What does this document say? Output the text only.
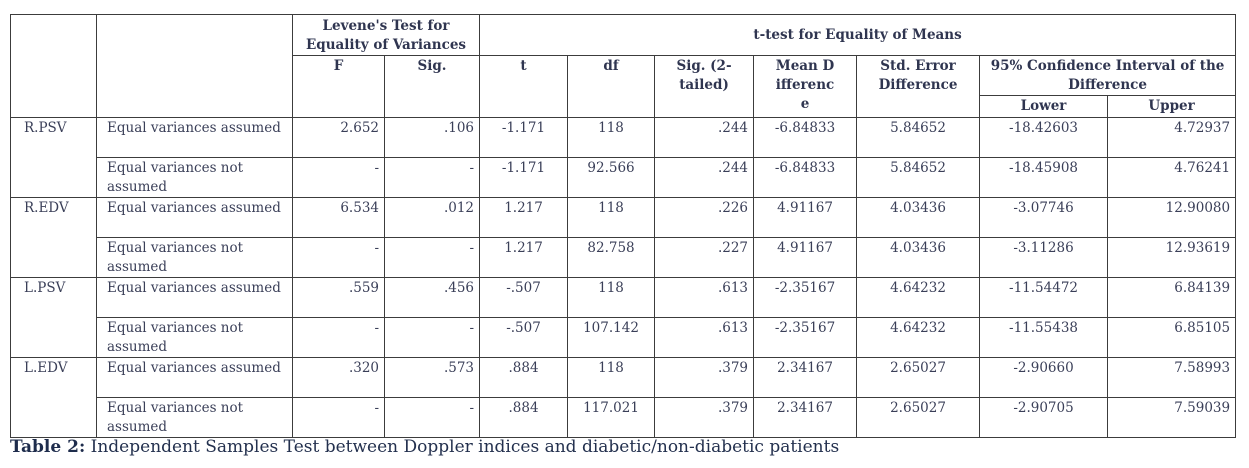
		Levene's Test for Equality of Variances		t-test for Equality of Means						
		F	Sig.	t	df	Sig. (2-tailed)	Mean Differenc e	Std. Error Difference	95% Confidence Interval of the Difference	
									Lower	Upper
R.PSV	Equal variances assumed	2.652	.106	-1.171	118	.244	-6.84833	5.84652	-18.42603	4.72937
	Equal variances not assumed	-	-	-1.171	92.566	.244	-6.84833	5.84652	-18.45908	4.76241
R.EDV	Equal variances assumed	6.534	.012	1.217	118	.226	4.91167	4.03436	-3.07746	12.90080
	Equal variances not assumed	-	-	1.217	82.758	.227	4.91167	4.03436	-3.11286	12.93619
L.PSV	Equal variances assumed	.559	.456	-.507	118	.613	-2.35167	4.64232	-11.54472	6.84139
	Equal variances not assumed	-	-	-.507	107.142	.613	-2.35167	4.64232	-11.55438	6.85105
L.EDV	Equal variances assumed	.320	.573	.884	118	.379	2.34167	2.65027	-2.90660	7.58993
	Equal variances not assumed	-	-	.884	117.021	.379	2.34167	2.65027	-2.90705	7.59039
Table 2: Independent Samples Test between Doppler indices and diabetic/non-diabetic patients
